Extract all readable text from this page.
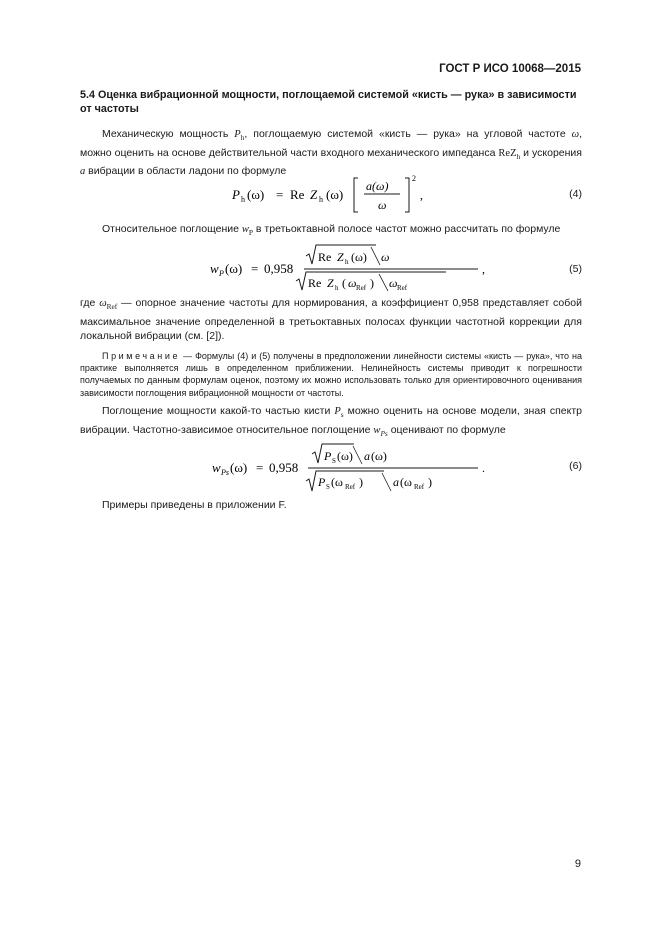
ГОСТ Р ИСО 10068—2015
5.4 Оценка вибрационной мощности, поглощаемой системой «кисть — рука» в зависимости от частоты
Механическую мощность $P_h$, поглощаемую системой «кисть — рука» на угловой частоте ω, можно оценить на основе действительной части входного механического импеданса ReZ$_h$ и ускорения a вибрации в области ладони по формуле
P h (ω) = Re Z h (ω)
a(ω)
ω
2
,	(4)
Относительное поглощение $w_P$ в третьоктавной полосе частот можно рассчитать по формуле
w P (ω) = 0,958
Re Z h (ω) ω
Re Z h ( ω Ref ) ω Ref
,	(5)
где $\omega_{Ref}$ — опорное значение частоты для нормирования, а коэффициент 0,958 представляет собой максимальное значение определенной в третьоктавных полосах функции частотной коррекции для локальной вибрации (см. [2]).
Примечание — Формулы (4) и (5) получены в предположении линейности системы «кисть — рука», что на практике выполняется лишь в определенном приближении. Нелинейность системы приводит к погрешности получаемых по данным формулам оценок, поэтому их можно использовать только для ориентировочного оценивания зависимости поглощения вибрационной мощности от частоты.
Поглощение мощности какой-то частью кисти $P_s$ можно оценить на основе модели, зная спектр вибрации. Частотно-зависимое относительное поглощение $w_{Ps}$ оценивают по формуле
w Ps (ω) = 0,958
P S (ω) a (ω)
P S (ω Ref )	a (ω Ref )
.	(6)
Примеры приведены в приложении F.
9
